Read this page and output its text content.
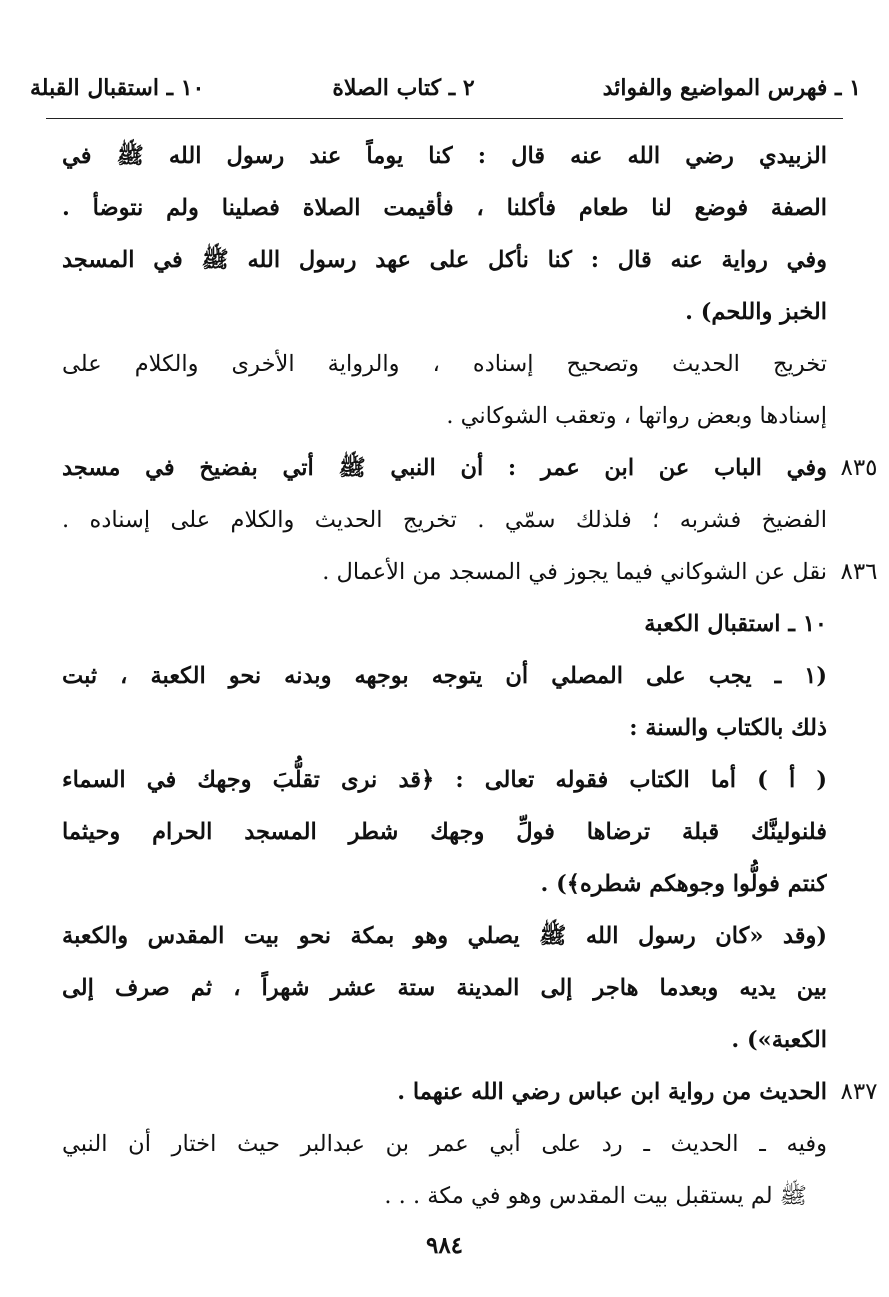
١ ـ فهرس المواضيع والفوائد
٢ ـ كتاب الصلاة
١٠ ـ استقبال القبلة
الزبيدي رضي الله عنه قال : كنا يوماً عند رسول الله ﷺ في
الصفة فوضع لنا طعام فأكلنا ، فأقيمت الصلاة فصلينا ولم نتوضأ .
وفي رواية عنه قال : كنا نأكل على عهد رسول الله ﷺ في المسجد
الخبز واللحم) .
تخريج الحديث وتصحيح إسناده ، والرواية الأخرى والكلام على
إسنادها وبعض رواتها ، وتعقب الشوكاني .
٨٣٥
وفي الباب عن ابن عمر : أن النبي ﷺ أتي بفضيخ في مسجد
الفضيخ فشربه ؛ فلذلك سمّي . تخريج الحديث والكلام على إسناده .
٨٣٦
نقل عن الشوكاني فيما يجوز في المسجد من الأعمال .
١٠ ـ استقبال الكعبة
(١ ـ يجب على المصلي أن يتوجه بوجهه وبدنه نحو الكعبة ، ثبت
ذلك بالكتاب والسنة :
( أ ) أما الكتاب فقوله تعالى : ﴿قد نرى تقلُّبَ وجهك في السماء
فلنولينَّك قبلة ترضاها فولِّ وجهك شطر المسجد الحرام وحيثما
كنتم فولُّوا وجوهكم شطره﴾) .
(وقد «كان رسول الله ﷺ يصلي وهو بمكة نحو بيت المقدس والكعبة
بين يديه وبعدما هاجر إلى المدينة ستة عشر شهراً ، ثم صرف إلى
الكعبة») .
٨٣٧
الحديث من رواية ابن عباس رضي الله عنهما .
وفيه ـ الحديث ـ رد على أبي عمر بن عبدالبر حيث اختار أن النبي
ﷺ لم يستقبل بيت المقدس وهو في مكة . . .
٩٨٤
